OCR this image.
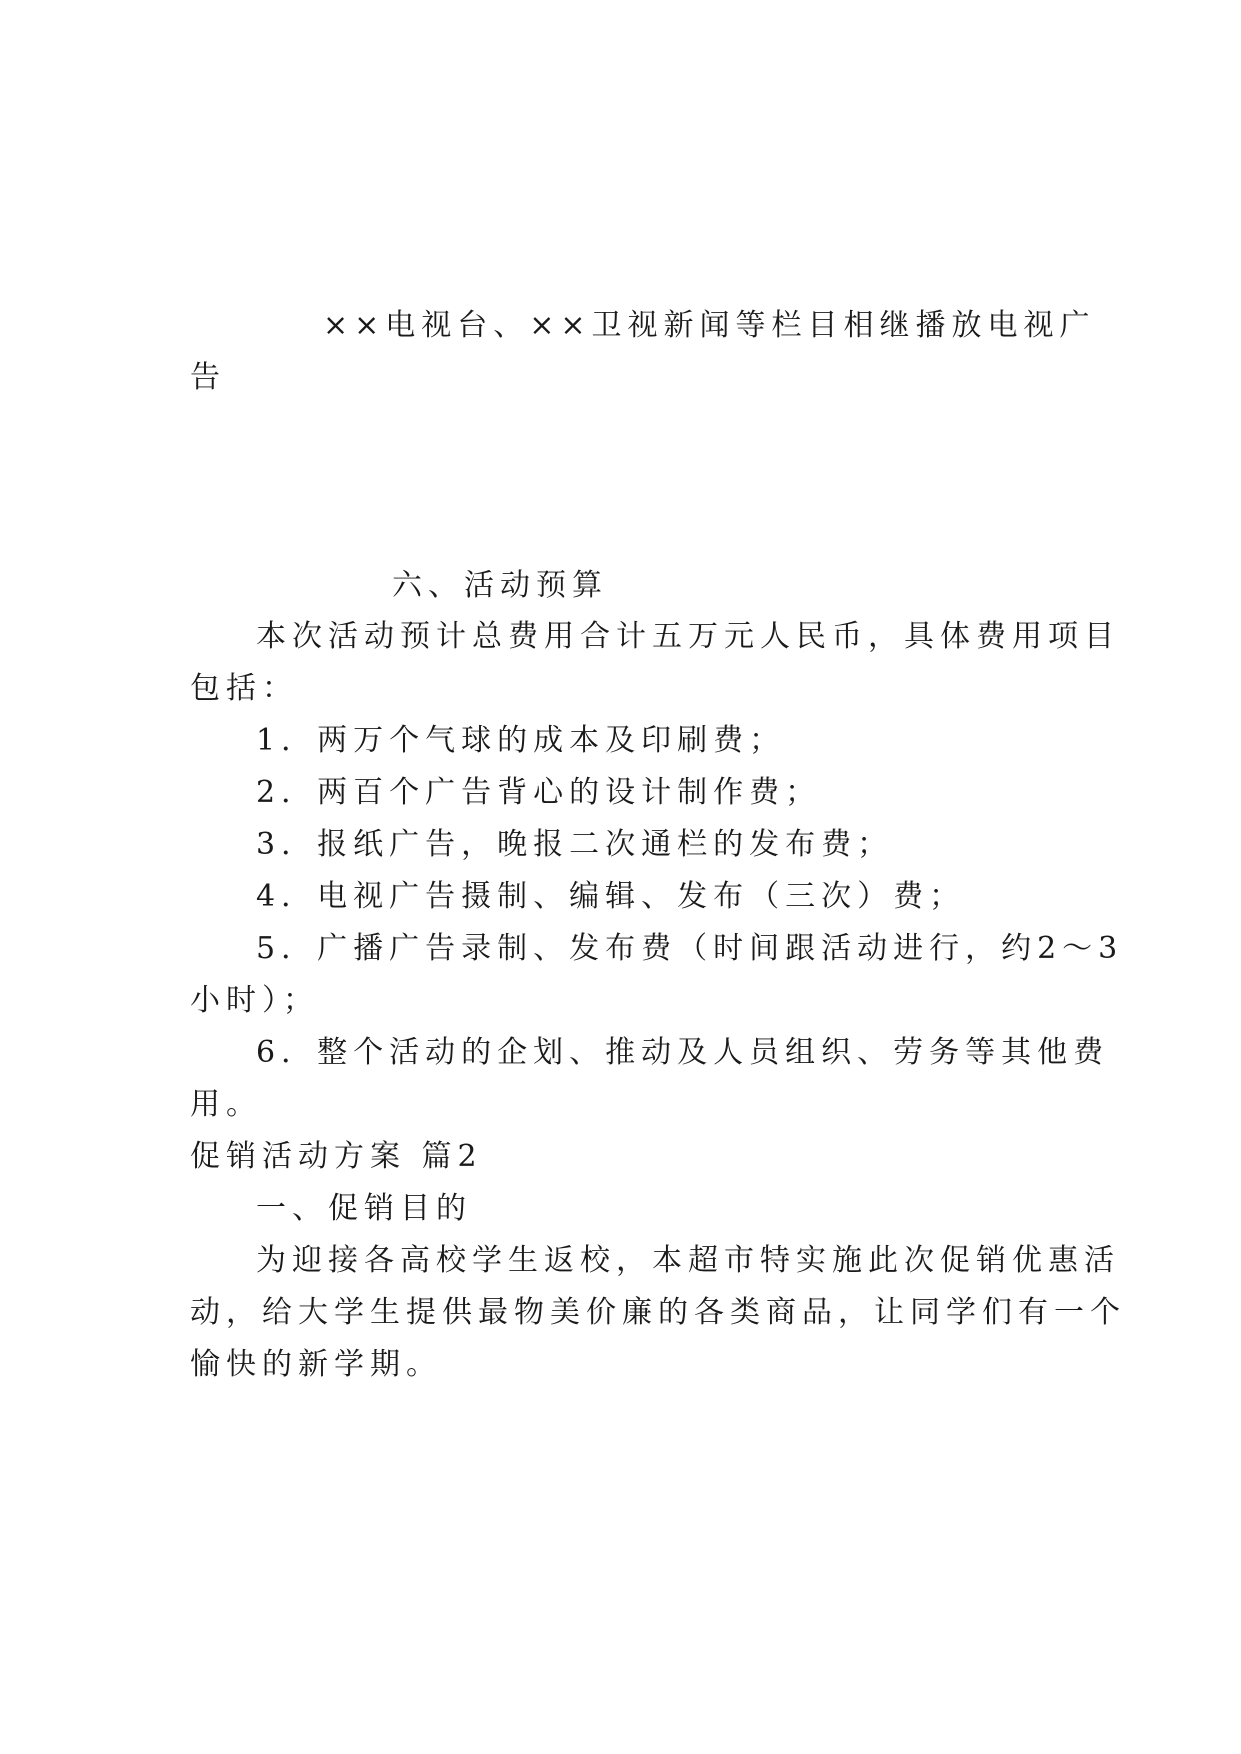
××电视台、××卫视新闻等栏目相继播放电视广
告
六、活动预算
本次活动预计总费用合计五万元人民币，具体费用项目
包括：
1．两万个气球的成本及印刷费；
2．两百个广告背心的设计制作费；
3．报纸广告，晚报二次通栏的发布费；
4．电视广告摄制、编辑、发布（三次）费；
5．广播广告录制、发布费（时间跟活动进行，约2～3
小时）；
6．整个活动的企划、推动及人员组织、劳务等其他费
用。
促销活动方案 篇2
一、促销目的
为迎接各高校学生返校，本超市特实施此次促销优惠活
动，给大学生提供最物美价廉的各类商品，让同学们有一个
愉快的新学期。
